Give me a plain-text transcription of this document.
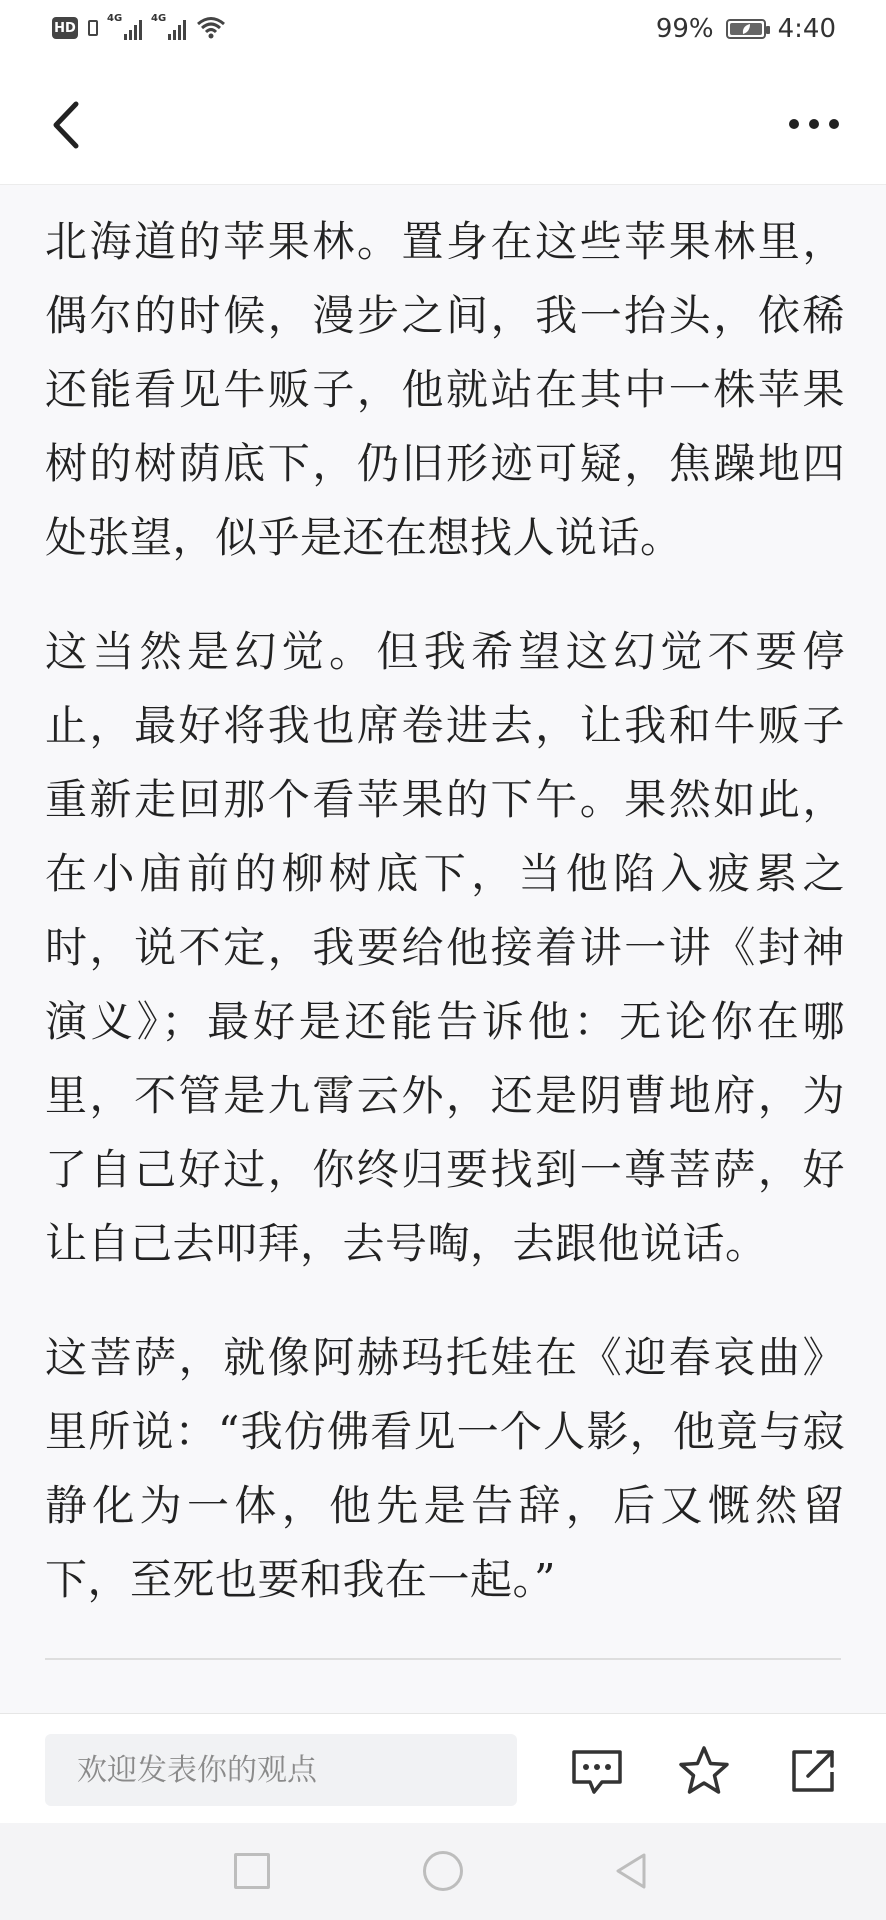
HD
4G	4G	99% 4:40

北海道的苹果林。置身在这些苹果林里，偶尔的时候，漫步之间，我一抬头，依稀还能看见牛贩子，他就站在其中一株苹果树的树荫底下，仍旧形迹可疑，焦躁地四处张望，似乎是还在想找人说话。

这当然是幻觉。但我希望这幻觉不要停止，最好将我也席卷进去，让我和牛贩子重新走回那个看苹果的下午。果然如此，在小庙前的柳树底下，当他陷入疲累之时，说不定，我要给他接着讲一讲《封神演义》；最好是还能告诉他：无论你在哪里，不管是九霄云外，还是阴曹地府，为了自己好过，你终归要找到一尊菩萨，好让自己去叩拜，去号啕，去跟他说话。

这菩萨，就像阿赫玛托娃在《迎春哀曲》里所说：“我仿佛看见一个人影，他竟与寂静化为一体，他先是告辞，后又慨然留下，至死也要和我在一起。”

欢迎发表你的观点
